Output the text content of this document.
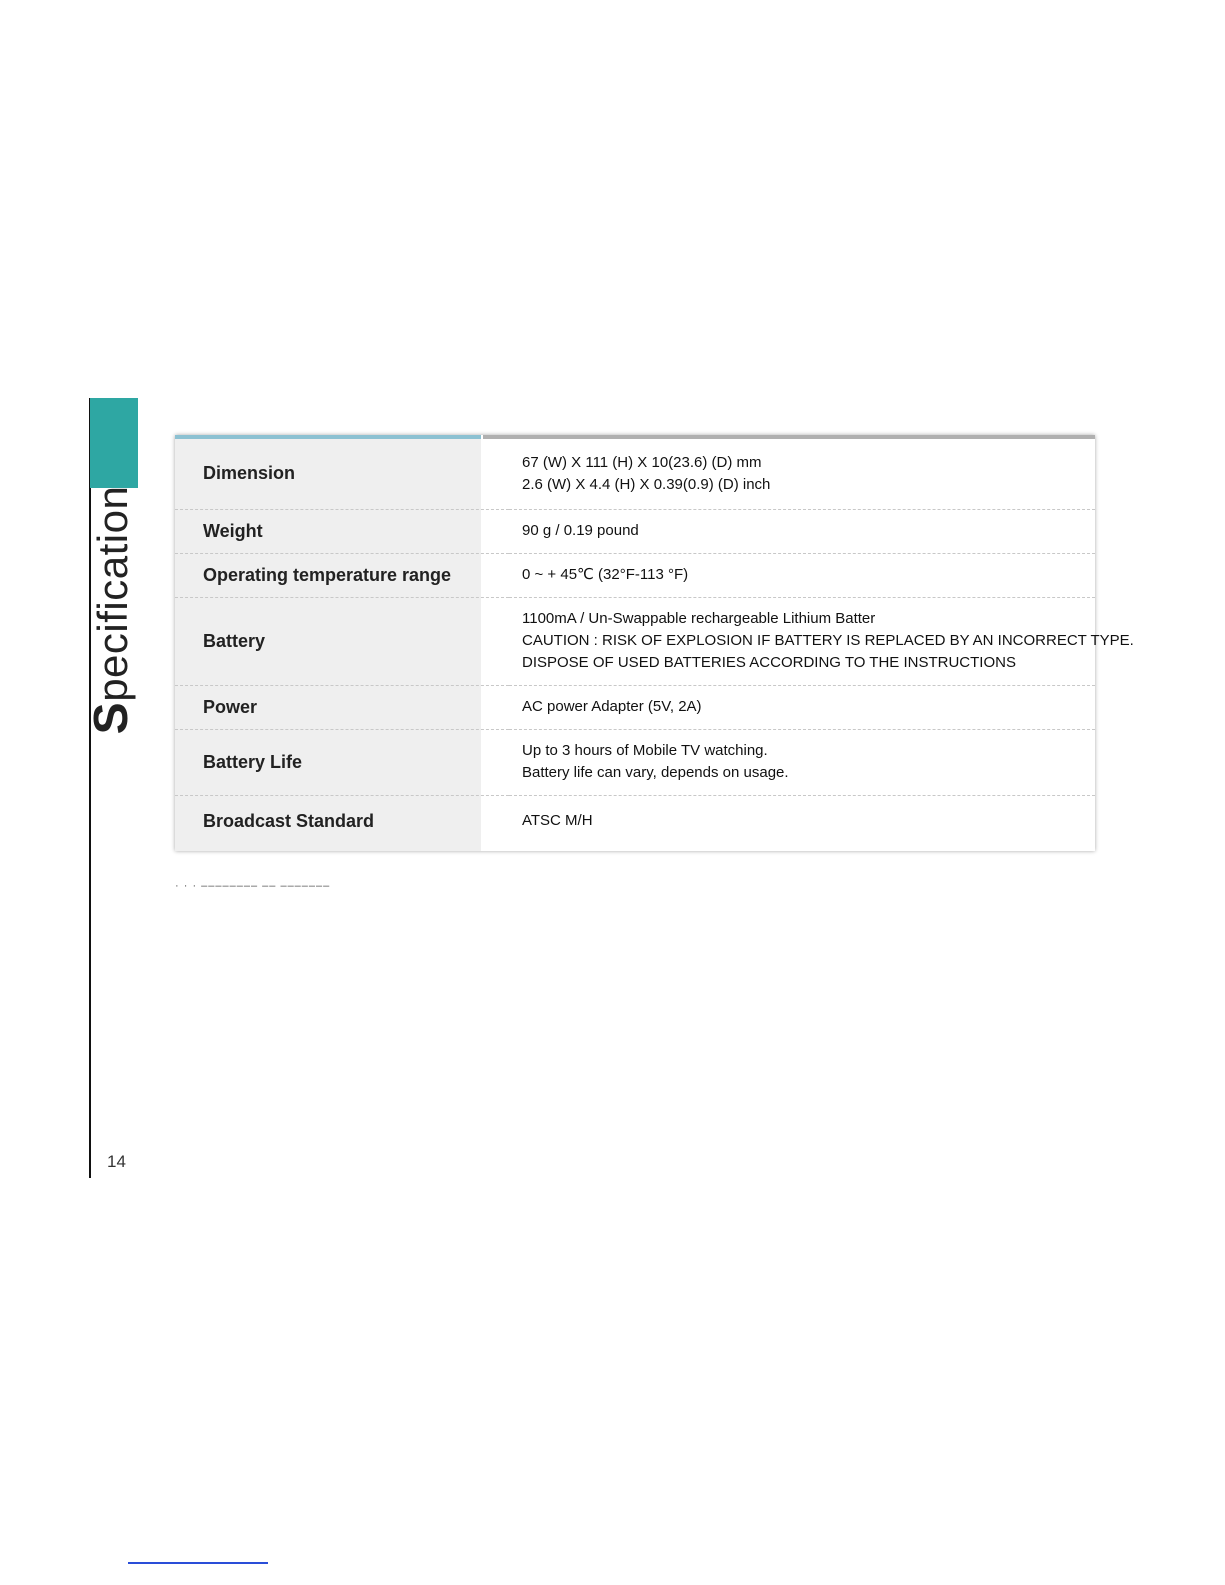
Specification
Dimension	67 (W) X 111 (H) X 10(23.6) (D) mm
2.6 (W) X 4.4 (H) X 0.39(0.9) (D) inch

Weight	90 g / 0.19 pound

Operating temperature range	0 ~ + 45℃ (32°F-113 °F)

Battery	1100mA / Un-Swappable rechargeable Lithium Batter
CAUTION : RISK OF EXPLOSION IF BATTERY IS REPLACED BY AN INCORRECT TYPE.
DISPOSE OF USED BATTERIES ACCORDING TO THE INSTRUCTIONS

Power	AC power Adapter (5V, 2A)

Battery Life	Up to 3 hours of Mobile TV watching.
Battery life can vary, depends on usage.

Broadcast Standard	ATSC M/H
· · · ‒‒‒‒‒‒‒‒ ‒‒ ‒‒‒‒‒‒‒
14
